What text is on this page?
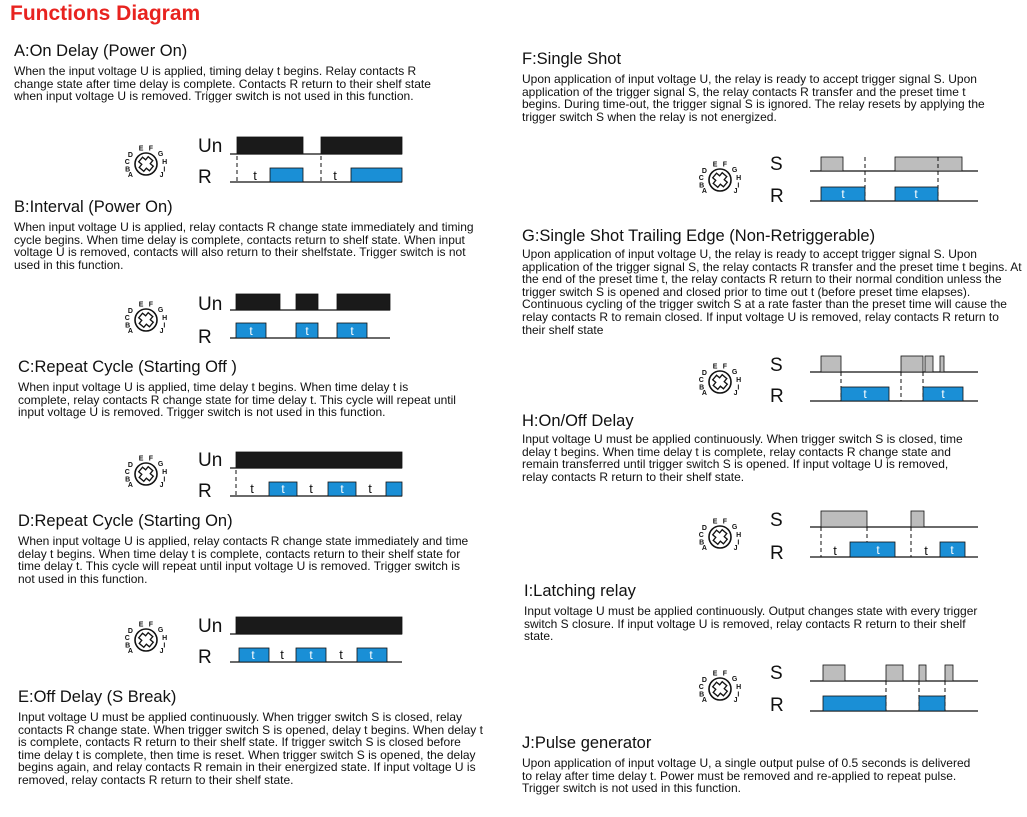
Functions Diagram
A:On Delay (Power On)
When the input voltage U is applied, timing delay t begins. Relay contacts R change state after time delay is complete. Contacts R return to their shelf state when input voltage U is removed. Trigger switch is not used in this function.
B:Interval (Power On)
When input voltage U is applied, relay contacts R change state immediately and timing cycle begins. When time delay is complete, contacts return to shelf state. When input voltage U is removed, contacts will also return to their shelfstate. Trigger switch is not used in this function.
C:Repeat Cycle (Starting Off )
When input voltage U is applied, time delay t begins. When time delay t is complete, relay contacts R change state for time delay t. This cycle will repeat until input voltage U is removed. Trigger switch is not used in this function.
D:Repeat Cycle (Starting On)
When input voltage U is applied, relay contacts R change state immediately and time delay t begins. When time delay t is complete, contacts return to their shelf state for time delay t. This cycle will repeat until input voltage U is removed. Trigger switch is not used in this function.
E:Off Delay (S Break)
Input voltage U must be applied continuously. When trigger switch S is closed, relay contacts R change state. When trigger switch S is opened, delay t begins. When delay t is complete, contacts R return to their shelf state. If trigger switch S is closed before time delay t is complete, then time is reset. When trigger switch S is opened, the delay begins again, and relay contacts R remain in their energized state. If input voltage U is removed, relay contacts R return to their shelf state.
F:Single Shot
Upon application of input voltage U, the relay is ready to accept trigger signal S. Upon application of the trigger signal S, the relay contacts R transfer and the preset time t begins. During time-out, the trigger signal S is ignored. The relay resets by applying the trigger switch S when the relay is not energized.
G:Single Shot Trailing Edge (Non-Retriggerable)
Upon application of input voltage U, the relay is ready to accept trigger signal S. Upon application of the trigger signal S, the relay contacts R transfer and the preset time t begins. At the end of the preset time t, the relay contacts R return to their normal condition unless the trigger switch S is opened and closed prior to time out t (before preset time elapses). Continuous cycling of the trigger switch S at a rate faster than the preset time will cause the relay contacts R to remain closed. If input voltage U is removed, relay contacts R return to their shelf state
H:On/Off Delay
Input voltage U must be applied continuously. When trigger switch S is closed, time delay t begins. When time delay t is complete, relay contacts R change state and remain transferred until trigger switch S is opened. If input voltage U is removed, relay contacts R return to their shelf state.
I:Latching relay
Input voltage U must be applied continuously. Output changes state with every trigger switch S closure. If input voltage U is removed, relay contacts R return to their shelf state.
J:Pulse generator
Upon application of input voltage U, a single output pulse of 0.5 seconds is delivered to relay after time delay t. Power must be removed and re-applied to repeat pulse. Trigger switch is not used in this function.
A
B
C
D
E F
G
H
I
J
Un
R	t	t
A
B
C
D
E F
G
H
I
J
Un
R	t	t	t
A
B
C
D
E F
G
H
I
J
Un
R	t	t	t
t	t
A
B
C
D
E F
G
H
I
J
Un
R	t t t t t
A
B
C
D
E F
G
H
I
J
S
R	t	t
A
B
C
D
E F
G
H
I
J
S
R	t	t
A
B
C
D
E F
G
H
I
J
S
R	t	t	t t
A
B
C
D
E F
G
H
I
J
S
R
